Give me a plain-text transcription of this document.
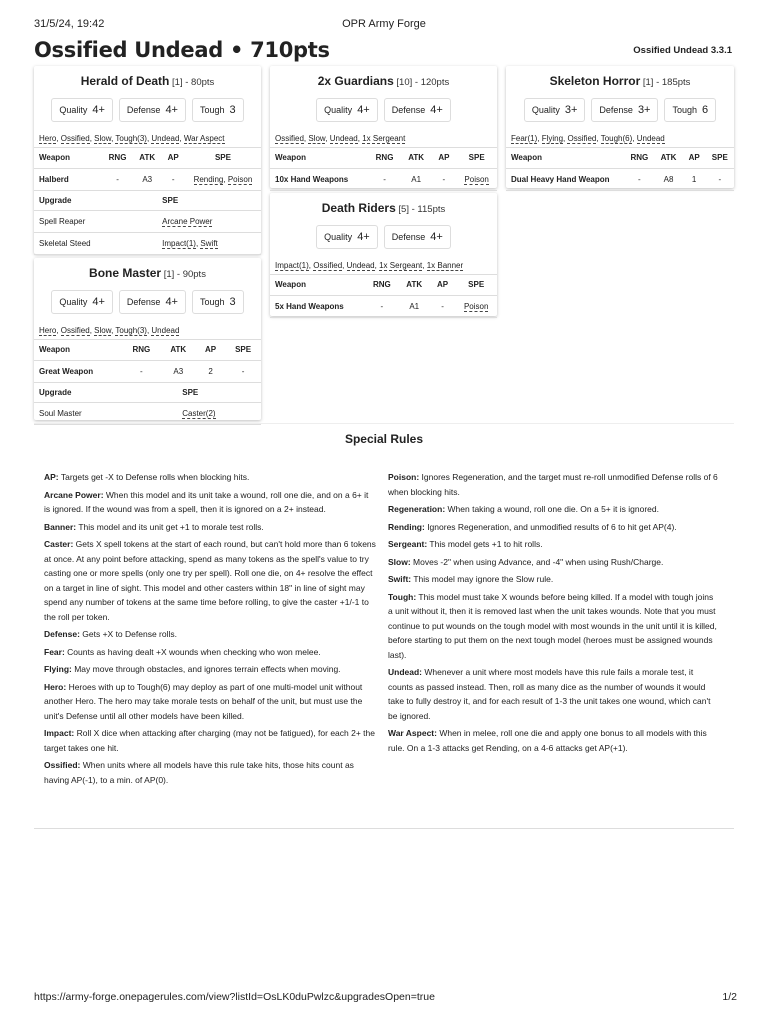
31/5/24, 19:42	OPR Army Forge
Ossified Undead • 710pts	Ossified Undead 3.3.1
Herald of Death [1] - 80pts
Quality 4+ Defense 4+ Tough 3
Hero, Ossified, Slow, Tough(3), Undead, War Aspect
Weapon	RNG	ATK	AP	SPE
Halberd	-	A3	-	Rending, Poison
Upgrade	SPE			
Spell Reaper	Arcane Power			
Skeletal Steed	Impact(1), Swift			
Bone Master [1] - 90pts
Quality 4+ Defense 4+ Tough 3
Hero, Ossified, Slow, Tough(3), Undead
Weapon	RNG	ATK	AP	SPE
Great Weapon	-	A3	2	-
Upgrade	SPE			
Soul Master	Caster(2)			
2x Guardians [10] - 120pts
Quality 4+ Defense 4+
Ossified, Slow, Undead, 1x Sergeant
Weapon	RNG	ATK	AP	SPE
10x Hand Weapons	-	A1	-	Poison
Death Riders [5] - 115pts
Quality 4+ Defense 4+
Impact(1), Ossified, Undead, 1x Sergeant, 1x Banner
Weapon	RNG	ATK	AP	SPE
5x Hand Weapons	-	A1	-	Poison
Skeleton Horror [1] - 185pts
Quality 3+ Defense 3+ Tough 6
Fear(1), Flying, Ossified, Tough(6), Undead
Weapon	RNG	ATK	AP	SPE
Dual Heavy Hand Weapon	-	A8	1	-
Special Rules

AP: Targets get -X to Defense rolls when blocking hits.

Arcane Power: When this model and its unit take a wound, roll one die, and on a 6+ it is ignored. If the wound was from a spell, then it is ignored on a 2+ instead.

Banner: This model and its unit get +1 to morale test rolls.

Caster: Gets X spell tokens at the start of each round, but can't hold more than 6 tokens at once. At any point before attacking, spend as many tokens as the spell's value to try casting one or more spells (only one try per spell). Roll one die, on 4+ resolve the effect on a target in line of sight. This model and other casters within 18" in line of sight may spend any number of tokens at the same time before rolling, to give the caster +1/-1 to the roll per token.

Defense: Gets +X to Defense rolls.

Fear: Counts as having dealt +X wounds when checking who won melee.

Flying: May move through obstacles, and ignores terrain effects when moving.

Hero: Heroes with up to Tough(6) may deploy as part of one multi-model unit without another Hero. The hero may take morale tests on behalf of the unit, but must use the unit's Defense until all other models have been killed.

Impact: Roll X dice when attacking after charging (may not be fatigued), for each 2+ the target takes one hit.

Ossified: When units where all models have this rule take hits, those hits count as having AP(-1), to a min. of AP(0).

Poison: Ignores Regeneration, and the target must re-roll unmodified Defense rolls of 6 when blocking hits.

Regeneration: When taking a wound, roll one die. On a 5+ it is ignored.

Rending: Ignores Regeneration, and unmodified results of 6 to hit get AP(4).

Sergeant: This model gets +1 to hit rolls.

Slow: Moves -2" when using Advance, and -4" when using Rush/Charge.

Swift: This model may ignore the Slow rule.

Tough: This model must take X wounds before being killed. If a model with tough joins a unit without it, then it is removed last when the unit takes wounds. Note that you must continue to put wounds on the tough model with most wounds in the unit until it is killed, before starting to put them on the next tough model (heroes must be assigned wounds last).

Undead: Whenever a unit where most models have this rule fails a morale test, it counts as passed instead. Then, roll as many dice as the number of wounds it would take to fully destroy it, and for each result of 1-3 the unit takes one wound, which can't be ignored.

War Aspect: When in melee, roll one die and apply one bonus to all models with this rule. On a 1-3 attacks get Rending, on a 4-6 attacks get AP(+1).

https://army-forge.onepagerules.com/view?listId=OsLK0duPwlzc&upgradesOpen=true	1/2
